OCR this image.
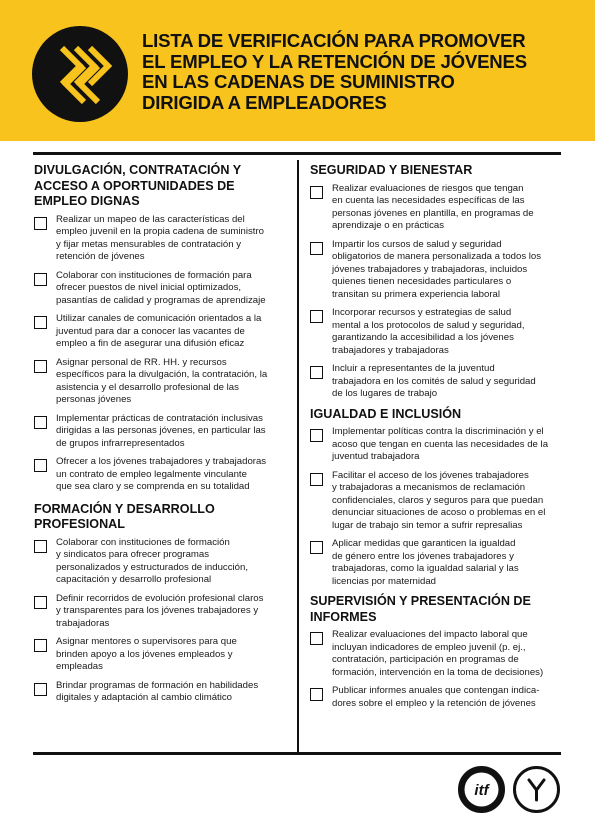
LISTA DE VERIFICACIÓN PARA PROMOVER
EL EMPLEO Y LA RETENCIÓN DE JÓVENES
EN LAS CADENAS DE SUMINISTRO
DIRIGIDA A EMPLEADORES
DIVULGACIÓN, CONTRATACIÓN Y
ACCESO A OPORTUNIDADES DE
EMPLEO DIGNAS
Realizar un mapeo de las características del
empleo juvenil en la propia cadena de suministro
y fijar metas mensurables de contratación y
retención de jóvenes
Colaborar con instituciones de formación para
ofrecer puestos de nivel inicial optimizados,
pasantías de calidad y programas de aprendizaje
Utilizar canales de comunicación orientados a la
juventud para dar a conocer las vacantes de
empleo a fin de asegurar una difusión eficaz
Asignar personal de RR. HH. y recursos
específicos para la divulgación, la contratación, la
asistencia y el desarrollo profesional de las
personas jóvenes
Implementar prácticas de contratación inclusivas
dirigidas a las personas jóvenes, en particular las
de grupos infrarrepresentados
Ofrecer a los jóvenes trabajadores y trabajadoras
un contrato de empleo legalmente vinculante
que sea claro y se comprenda en su totalidad
FORMACIÓN Y DESARROLLO
PROFESIONAL
Colaborar con instituciones de formación
y sindicatos para ofrecer programas
personalizados y estructurados de inducción,
capacitación y desarrollo profesional
Definir recorridos de evolución profesional claros
y transparentes para los jóvenes trabajadores y
trabajadoras
Asignar mentores o supervisores para que
brinden apoyo a los jóvenes empleados y
empleadas
Brindar programas de formación en habilidades
digitales y adaptación al cambio climático
SEGURIDAD Y BIENESTAR
Realizar evaluaciones de riesgos que tengan
en cuenta las necesidades específicas de las
personas jóvenes en plantilla, en programas de
aprendizaje o en prácticas
Impartir los cursos de salud y seguridad
obligatorios de manera personalizada a todos los
jóvenes trabajadores y trabajadoras, incluidos
quienes tienen necesidades particulares o
transitan su primera experiencia laboral
Incorporar recursos y estrategias de salud
mental a los protocolos de salud y seguridad,
garantizando la accesibilidad a los jóvenes
trabajadores y trabajadoras
Incluir a representantes de la juventud
trabajadora en los comités de salud y seguridad
de los lugares de trabajo
IGUALDAD E INCLUSIÓN
Implementar políticas contra la discriminación y el
acoso que tengan en cuenta las necesidades de la
juventud trabajadora
Facilitar el acceso de los jóvenes trabajadores
y trabajadoras a mecanismos de reclamación
confidenciales, claros y seguros para que puedan
denunciar situaciones de acoso o problemas en el
lugar de trabajo sin temor a sufrir represalias
Aplicar medidas que garanticen la igualdad
de género entre los jóvenes trabajadores y
trabajadoras, como la igualdad salarial y las
licencias por maternidad
SUPERVISIÓN Y PRESENTACIÓN DE
INFORMES
Realizar evaluaciones del impacto laboral que
incluyan indicadores de empleo juvenil (p. ej.,
contratación, participación en programas de
formación, intervención en la toma de decisiones)
Publicar informes anuales que contengan indica-
dores sobre el empleo y la retención de jóvenes
itf
